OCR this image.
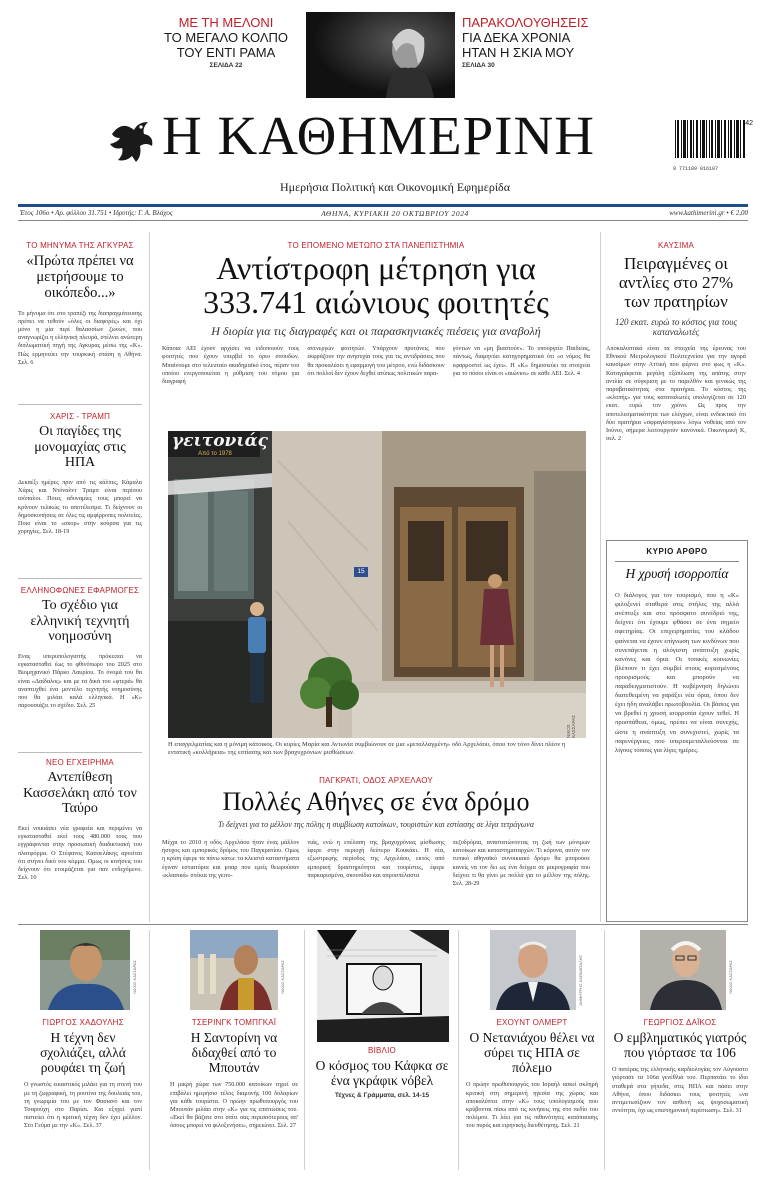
ΜΕ ΤΗ ΜΕΛΟΝΙ
ΤΟ ΜΕΓΑΛΟ ΚΟΛΠΟ
ΤΟΥ ΕΝΤΙ ΡΑΜΑ
ΣΕΛΙΔΑ 22
ΠΑΡΑΚΟΛΟΥΘΗΣΕΙΣ
ΓΙΑ ΔΕΚΑ ΧΡΟΝΙΑ
ΗΤΑΝ Η ΣΚΙΑ ΜΟΥ
ΣΕΛΙΔΑ 30
Η ΚΑΘΗΜΕΡΙΝΗ
Ημερήσια Πολιτική και Οικονομική Εφημερίδα
9 771109 016107
42
Έτος 106ο • Αρ. φύλλου 31.751 • Ιδρυτής: Γ. Α. Βλάχος	ΑΘΗΝΑ, ΚΥΡΙΑΚΗ 20 ΟΚΤΩΒΡΙΟΥ 2024	www.kathimerini.gr • € 2,00
ΤΟ ΜΗΝΥΜΑ ΤΗΣ ΑΓΚΥΡΑΣ
«Πρώτα πρέπει να μετρήσουμε το οικόπεδο...»
Το μήνυμα ότι στο τραπέζι της διαπραγμάτευσης πρέπει να τεθούν «όλες οι διαφορές» και όχι μόνο η μία περί θαλασσίων ζωνών, που αναγνωρίζει η ελληνική πλευρά, στέλνει ανώτερη διπλωματική πηγή της Αγκυρας μέσω της «Κ». Πώς ερμηνεύει την τουρκική στάση η Αθήνα. Σελ. 6
ΧΑΡΙΣ - ΤΡΑΜΠ
Οι παγίδες της μονομαχίας στις ΗΠΑ
Δεκαέξι ημέρες πριν από τις κάλπες, Κάμαλα Χάρις και Ντόναλντ Τραμπ είναι περίπου ισόπαλοι. Ποιες αδυναμίες τους μπορεί να κρίνουν τελικώς το αποτέλεσμα. Τι δείχνουν οι δημοσκοπήσεις σε όλες τις αμφίρροπες πολιτείες. Ποιο είναι το «σκορ» στην κούρσα για τις χορηγίες. Σελ. 18-19
ΕΛΛΗΝΟΦΩΝΕΣ ΕΦΑΡΜΟΓΕΣ
Το σχέδιο για ελληνική τεχνητή νοημοσύνη
Ενας υπερυπολογιστής πρόκειται να εγκατασταθεί έως το φθινόπωρο του 2025 στο Βιομηχανικό Πάρκο Λαυρίου. Το όνομά του θα είναι «Δαίδαλος» και με τα δικά του «φτερά» θα αναπτυχθεί ένα μοντέλο τεχνητής νοημοσύνης που θα μιλάει καλά ελληνικά. Η «Κ» παρουσιάζει το σχέδιο. Σελ. 25
ΝΕΟ ΕΓΧΕΙΡΗΜΑ
Αντεπίθεση Κασσελάκη από τον Ταύρο
Εκεί νοικιάσει νέα γραφεία και περιμένει να εγκατασταθεί εκεί τους 480.000 τους που εγγράφονται στην προσωπική διαδικτυακή του πλατφόρμα. Ο Στέφανος Κασσελάκης αρνείται ότι στήνει δικό του κόμμα. Ομως οι κινήσεις του δείχνουν ότι ετοιμάζεται για παν ενδεχόμενο. Σελ. 10
ΤΟ ΕΠΟΜΕΝΟ ΜΕΤΩΠΟ ΣΤΑ ΠΑΝΕΠΙΣΤΗΜΙΑ
Αντίστροφη μέτρηση για
333.741 αιώνιους φοιτητές
Η διορία για τις διαγραφές και οι παρασκηνιακές πιέσεις για αναβολή
Κάποια ΑΕΙ έχουν αρχίσει να ειδοποιούν τους φοιτητές που έχουν υπερβεί το όριο σπουδών. Μπαίνουμε στο τελευταίο ακαδημαϊκό έτος, πέραν του οποίου ενεργοποιείται η ρύθμιση του νόμου για διαγραφή
ανενεργών φοιτητών. Υπάρχουν πρυτάνεις που εκφράζουν την ανησυχία τους για τις αντιδράσεις που θα προκαλέσει η εφαρμογή του μέτρου, ενώ διδάσκουν ότι πολλοί δεν έχουν δεχθεί ατύπως πολιτικών παρα-
γόντων να «μη βιαστούν». Το υπουργείο Παιδείας, πάντως, διαμηνύει κατηγορηματικά ότι «ο νόμος θα εφαρμοστεί ως έχει». Η «Κ» δημοσιεύει τα στοιχεία για το πόσοι είναι οι «αιώνιοι» σε κάθε ΑΕΙ. Σελ. 4
γειτονιάς
Από το 1978
15
ΝΙΚΟΣ ΚΑΣΣΑΡΑΣ
Η επαγγελματίας και η μόνιμη κάτοικος. Οι κυρίες Μαρία και Αντωνία συμβιώνουν σε μια «μεταλλαγμένη» οδό Αρχελάου, όπου τον τόνο δίνει πλέον η εντατική «κολλήρεια» της εστίασης και των βραχυχρόνιων μισθώσεων.
ΠΑΓΚΡΑΤΙ, ΟΔΟΣ ΑΡΧΕΛΑΟΥ
Πολλές Αθήνες σε ένα δρόμο
Τι δείχνει για το μέλλον της πόλης η συμβίωση κατοίκων, τουριστών και εστίασης σε λίγα τετράγωνα
Μέχρι το 2010 η οδός Αρχελάου ήταν ένας μάλλον ήσυχος και εμπορικός δρόμος του Παγκρατίου. Ομως η κρίση έφερε τα πάνω κάτω: τα κλειστά καταστήματα έγιναν εστιατόρια και μπαρ που εμείς θεωρούσαν «κλασικά» στέκια της γειτο-
νιάς, ενώ η επέλαση της βραχυχρόνιας μίσθωσης έφερε στην περιοχή δεύτερο Κουκάκι. Η νέα, εξωστρεφής περίοδος της Αρχελάου, εκτός από εμπορική δραστηριότητα και τουρίστες, έφερε παρκαρισμένα, σκουπίδια και απροσπέλαστα
πεζοδρόμια, αναστατώνοντας τη ζωή των μόνιμων κατοίκων και καταστηματαρχών. Τι κόρονα, αυτόν τον τυπικό αθηναϊκό συνοικιακό δρόμο θα μπορούσε κανείς να τον δει ως ένα δείγμα σε μικρογραφία που δείχνει τι θα γίνει με πολλά για το μέλλον της πόλης. Σελ. 28-29
ΚΑΥΣΙΜΑ
Πειραγμένες οι αντλίες στο 27% των πρατηρίων
120 εκατ. ευρώ το κόστος για τους καταναλωτές
Αποκαλυπτικά είναι τα στοιχεία της έρευνας του Εθνικού Μετρολογικού Πολιτεχνείου για την αγορά καυσίμων στην Αττική που φέρνει στο φως η «Κ». Καταγράφεται μεγάλη εξάπλωση της απάτης στην αντλία σε σύγκριση με το παρελθόν και γενικώς της παραβατικότητας στα πρατήρια. Το κόστος της «κλοπής» για τους καταναλωτές υπολογίζεται σε 120 εκατ. ευρώ τον χρόνο. Ως προς την αποτελεσματικότητα των ελέγχων, είναι ενδεικτικό ότι δύο πρατήρια «σφραγίστηκαν» λόγω νοθείας από τον Ιούνιο, σήμερα λειτουργούν κανονικά. Οικονομική Κ, σελ. 2
ΚΥΡΙΟ ΑΡΘΡΟ
Η χρυσή ισορροπία
Ο διάλογος για τον τουρισμό, που η «Κ» φιλοξενεί σταθερά στις στήλες της αλλά ανέπτυξε και στο πρόσφατο συνέδριό της, δείχνει ότι έχουμε φθάσει σε ένα σημείο αφετηρίας. Οι επιχειρηματίες του κλάδου φαίνεται να έχουν επίγνωση των κινδύνων που συνεπάγεται η αλόγιστη ανάπτυξη χωρίς κανόνες και όρια. Οι τοπικές κοινωνίες βλέπουν τι έχει συμβεί στους κορεσμένους προορισμούς και μπορούν να παραδειγματιστούν. Η κυβέρνηση δηλώνει διατεθειμένη να χαράξει νέα όρια, όπου δεν έχει ήδη αναλάβει πρωτοβουλία. Οι βάσεις για να βρεθεί η χρυσή ισορροπία έχουν τεθεί. Η προσπάθεια, όμως, πρέπει να είναι συνεχής, ώστε η ανάπτυξη να συνεχιστεί, χωρίς τα παρενέργειες που υπερεκμεταλλεύονται σε λίγους τόπους για λίγες ημέρες.
ΓΙΩΡΓΟΣ ΧΑΔΟΥΛΗΣ
Η τέχνη δεν σχολιάζει, αλλά ρουφάει τη ζωή
Ο γνωστός εικαστικός μιλάει για τη στενή του με τη ζωγραφική, τη ρουτίνα της δουλειάς του, τη γνωριμία του με τον Φασιανό και τον Τσαρούχη στο Παρίσι. Και εξηγεί γιατί πιστεύει ότι η κριτική τέχνη δεν έχει μέλλον. Στο Γεύμα με την «Κ». Σελ. 37
ΤΣΕΡΙΝΓΚ ΤΟΜΠΓΚΑΪ
Η Σαντορίνη να διδαχθεί από το Μπουτάν
Η μικρή χώρα των 750.000 κατοίκων τηρεί σε επιβάλει ημερήσιο τέλος διαμονής 100 δολαρίων για κάθε τουρίστα. Ο πρώην πρωθυπουργός του Μπουτάν μιλάει στην «Κ» για τις επιπτώσεις του. «Εκεί θα βάζατε στο σπίτι σας περισσότερους απ' όσους μπορεί να φιλοξενήσει», σημειώνει. Σελ. 27
ΒΙΒΛΙΟ
Ο κόσμος του Κάφκα σε ένα γκράφικ νόβελ
Τέχνες & Γράμματα, σελ. 14-15
ΕΧΟΥΝΤ ΟΛΜΕΡΤ
Ο Νετανιάχου θέλει να σύρει τις ΗΠΑ σε πόλεμο
Ο πρώην πρωθυπουργός του Ισραήλ ασκεί σκληρή κριτική στη σημερινή ηγεσία της χώρας και αποκαλύπτει στην «Κ» τους υπολογισμούς που κρύβονται πίσω από τις κινήσεις της στο πεδίο του πολέμου. Τι λέει για τις πιθανότητες κατάπαυσης του πυρός και ειρηνικής διευθέτησης. Σελ. 21
ΓΕΩΡΓΙΟΣ ΔΑΪΚΟΣ
Ο εμβληματικός γιατρός που γιόρτασε τα 106
Ο πατέρας της ελληνικής καρδιολογίας τον Αύγουστο γιόρτασε τα 106α γενέθλιά του. Περπατάει το ίδιο σταθερά στα γήπεδα, στις ΗΠΑ και πάσει στην Αθήνα, όπου διδάσκει τους φοιτητές «να αντιμετωπίζουν τον ασθενή ως ψυχοσωματική οντότητα, όχι ως επιστημονική περίπτωση». Σελ. 31
ΝΙΚΟΣ ΚΑΣΣΑΡΑΣ	ΝΙΚΟΣ ΚΑΣΣΑΡΑΣ	ΔΗΜΗΤΡΗΣ ΚΑΡΑΜΠΑΛΗΣ	ΝΙΚΟΣ ΚΑΣΣΑΡΑΣ
